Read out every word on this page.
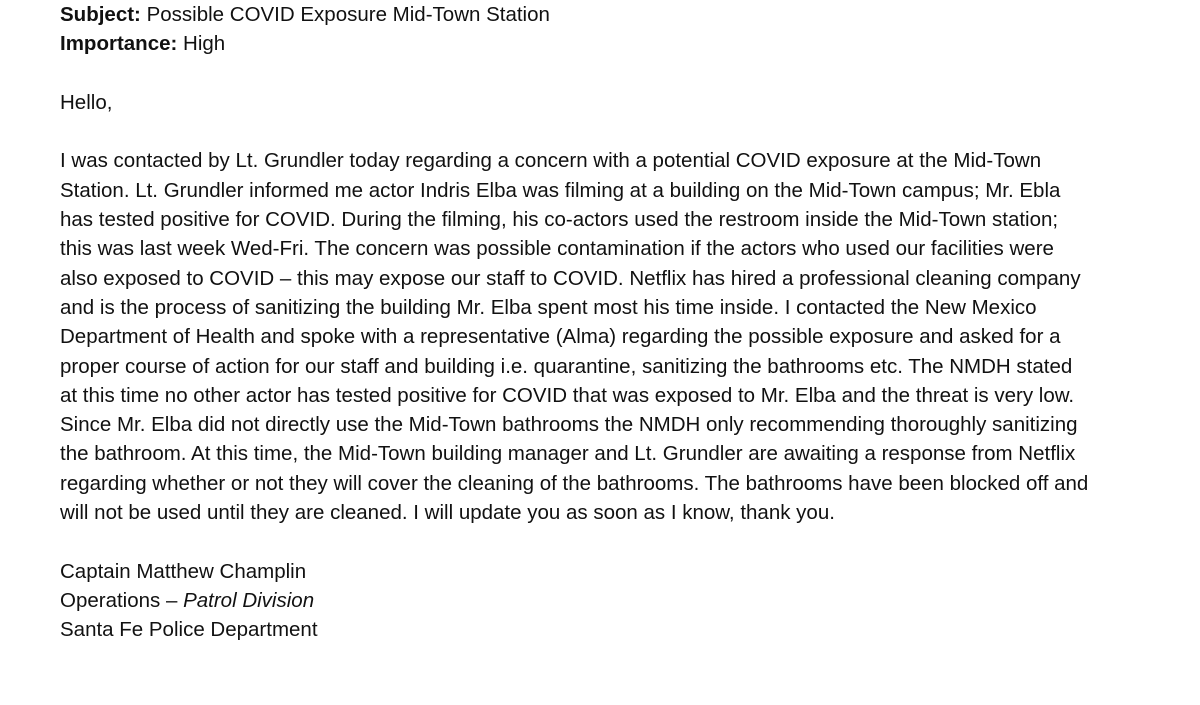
Subject: Possible COVID Exposure Mid-Town Station
Importance: High
Hello,
I was contacted by Lt. Grundler today regarding a concern with a potential COVID exposure at the Mid-Town Station. Lt. Grundler informed me actor Indris Elba was filming at a building on the Mid-Town campus; Mr. Ebla has tested positive for COVID. During the filming, his co-actors used the restroom inside the Mid-Town station; this was last week Wed-Fri. The concern was possible contamination if the actors who used our facilities were also exposed to COVID – this may expose our staff to COVID. Netflix has hired a professional cleaning company and is the process of sanitizing the building Mr. Elba spent most his time inside. I contacted the New Mexico Department of Health and spoke with a representative (Alma) regarding the possible exposure and asked for a proper course of action for our staff and building i.e. quarantine, sanitizing the bathrooms etc. The NMDH stated at this time no other actor has tested positive for COVID that was exposed to Mr. Elba and the threat is very low. Since Mr. Elba did not directly use the Mid-Town bathrooms the NMDH only recommending thoroughly sanitizing the bathroom. At this time, the Mid-Town building manager and Lt. Grundler are awaiting a response from Netflix regarding whether or not they will cover the cleaning of the bathrooms. The bathrooms have been blocked off and will not be used until they are cleaned. I will update you as soon as I know, thank you.
Captain Matthew Champlin
Operations – Patrol Division
Santa Fe Police Department
